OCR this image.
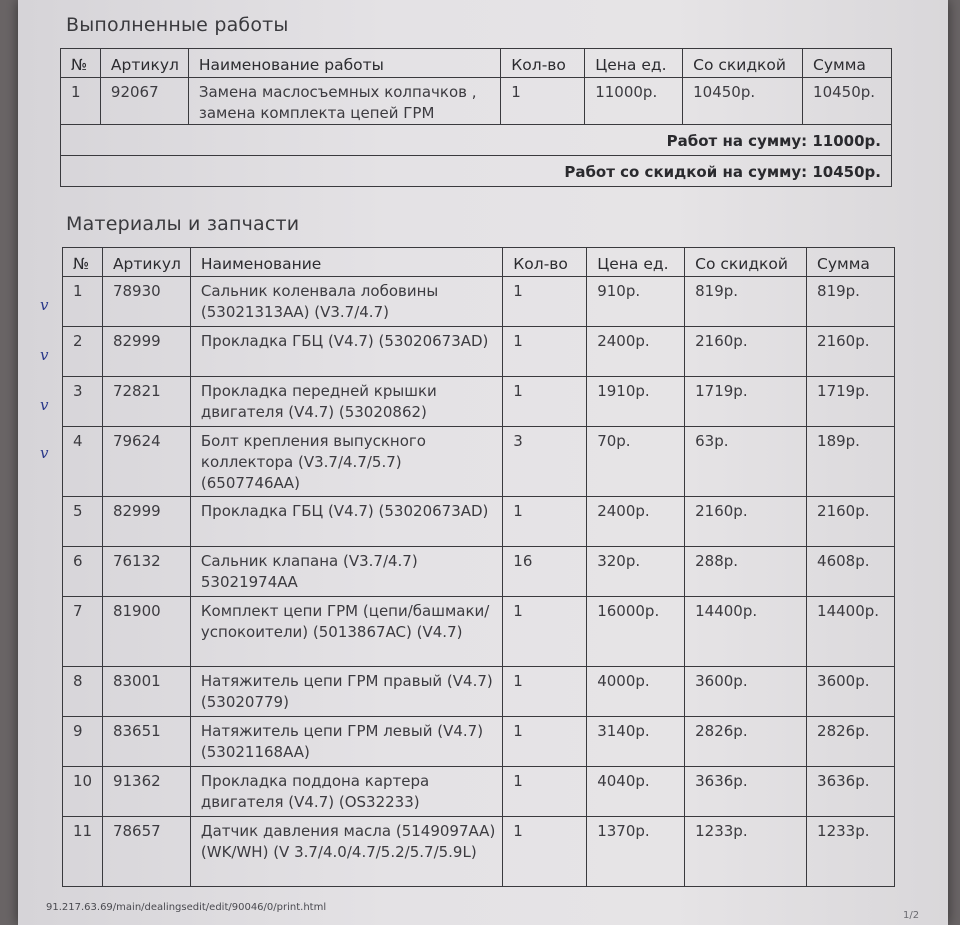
Выполненные работы
№	Артикул	Наименование работы	Кол-во	Цена ед.	Со скидкой	Сумма
1	92067	Замена маслосъемных колпачков , замена комплекта цепей ГРМ	1	11000р.	10450р.	10450р.
Работ на сумму: 11000р.						
Работ со скидкой на сумму: 10450р.						
Материалы и запчасти
№	Артикул	Наименование	Кол-во	Цена ед.	Со скидкой	Сумма
1	78930	Сальник коленвала лобовины (53021313АА) (V3.7/4.7)	1	910р.	819р.	819р.
2	82999	Прокладка ГБЦ (V4.7) (53020673AD)	1	2400р.	2160р.	2160р.
3	72821	Прокладка передней крышки двигателя (V4.7) (53020862)	1	1910р.	1719р.	1719р.
4	79624	Болт крепления выпускного коллектора (V3.7/4.7/5.7) (6507746АА)	3	70р.	63р.	189р.
5	82999	Прокладка ГБЦ (V4.7) (53020673AD)	1	2400р.	2160р.	2160р.
6	76132	Сальник клапана (V3.7/4.7) 53021974АА	16	320р.	288р.	4608р.
7	81900	Комплект цепи ГРМ (цепи/башмаки/успокоители) (5013867AC) (V4.7)	1	16000р.	14400р.	14400р.
8	83001	Натяжитель цепи ГРМ правый (V4.7) (53020779)	1	4000р.	3600р.	3600р.
9	83651	Натяжитель цепи ГРМ левый (V4.7) (53021168AA)	1	3140р.	2826р.	2826р.
10	91362	Прокладка поддона картера двигателя (V4.7) (OS32233)	1	4040р.	3636р.	3636р.
11	78657	Датчик давления масла (5149097AA) (WK/WH) (V 3.7/4.0/4.7/5.2/5.7/5.9L)	1	1370р.	1233р.	1233р.
v
v
v
v
91.217.63.69/main/dealingsedit/edit/90046/0/print.html
1/2
